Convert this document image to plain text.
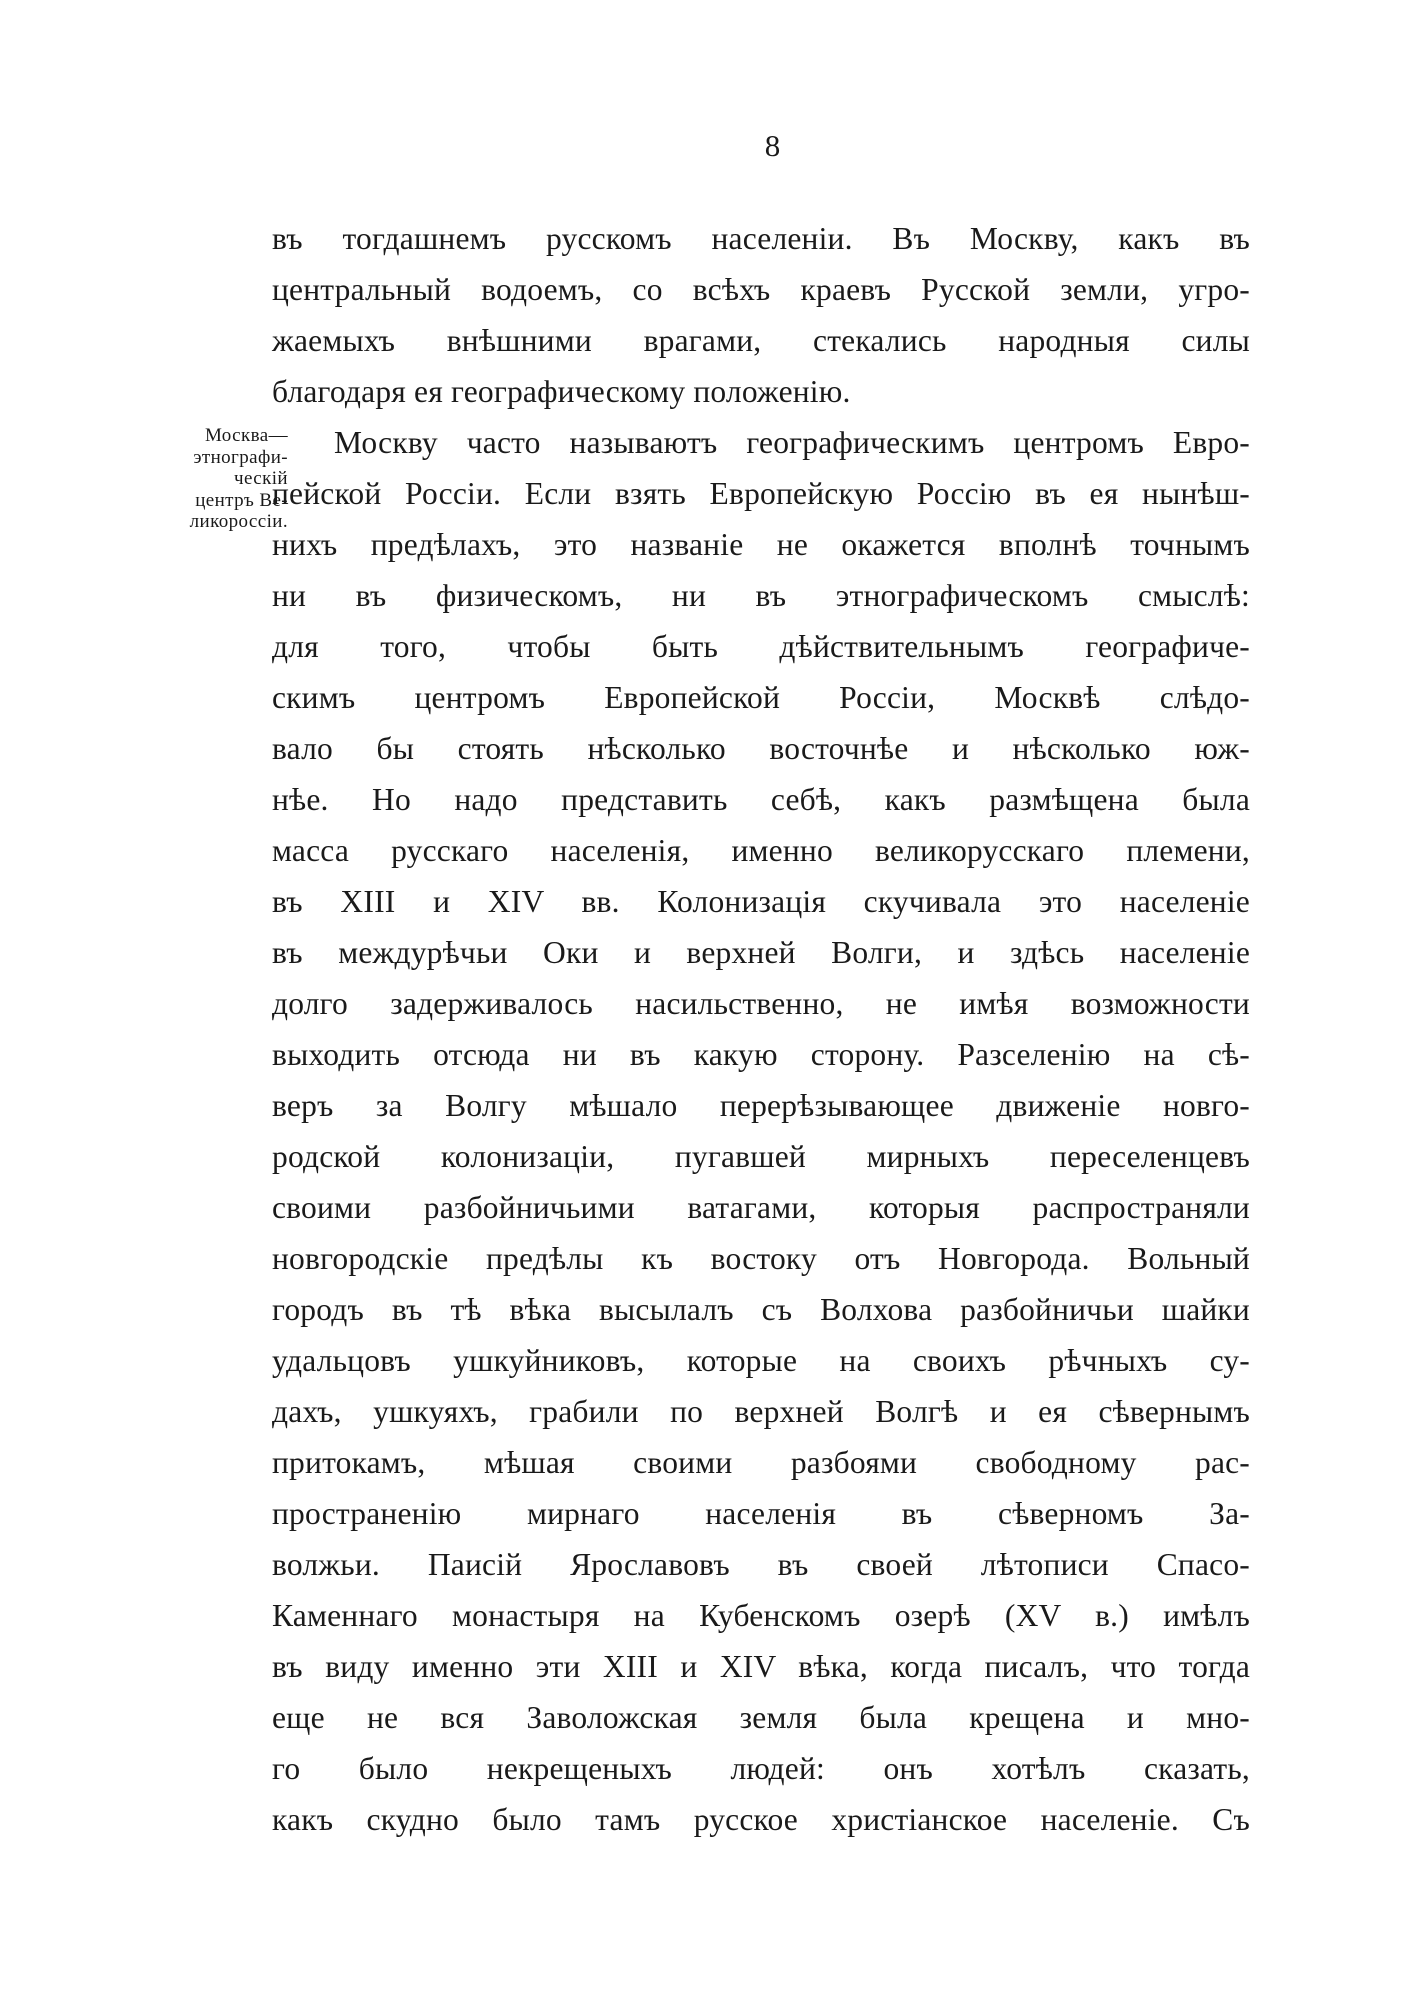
8
Москва—
этнографи-
ческій
центръ Ве-
ликороссіи.
въ тогдашнемъ русскомъ населеніи. Въ Москву, какъ въ
центральный водоемъ, со всѣхъ краевъ Русской земли, угро-
жаемыхъ внѣшними врагами, стекались народныя силы
благодаря ея географическому положенію.
Москву часто называютъ географическимъ центромъ Евро-
пейской Россіи. Если взять Европейскую Россію въ ея нынѣш-
нихъ предѣлахъ, это названіе не окажется вполнѣ точнымъ
ни въ физическомъ, ни въ этнографическомъ смыслѣ:
для того, чтобы быть дѣйствительнымъ географиче-
скимъ центромъ Европейской Россіи, Москвѣ слѣдо-
вало бы стоять нѣсколько восточнѣе и нѣсколько юж-
нѣе. Но надо представить себѣ, какъ размѣщена была
масса русскаго населенія, именно великорусскаго племени,
въ XIII и XIV вв. Колонизація скучивала это населеніе
въ междурѣчьи Оки и верхней Волги, и здѣсь населеніе
долго задерживалось насильственно, не имѣя возможности
выходить отсюда ни въ какую сторону. Разселенію на сѣ-
веръ за Волгу мѣшало перерѣзывающее движеніе новго-
родской колонизаціи, пугавшей мирныхъ переселенцевъ
своими разбойничьими ватагами, которыя распространяли
новгородскіе предѣлы къ востоку отъ Новгорода. Вольный
городъ въ тѣ вѣка высылалъ съ Волхова разбойничьи шайки
удальцовъ ушкуйниковъ, которые на своихъ рѣчныхъ су-
дахъ, ушкуяхъ, грабили по верхней Волгѣ и ея сѣвернымъ
притокамъ, мѣшая своими разбоями свободному рас-
пространенію мирнаго населенія въ сѣверномъ За-
волжьи. Паисій Ярославовъ въ своей лѣтописи Спасо-
Каменнаго монастыря на Кубенскомъ озерѣ (XV в.) имѣлъ
въ виду именно эти XIII и XIV вѣка, когда писалъ, что тогда
еще не вся Заволожская земля была крещена и мно-
го было некрещеныхъ людей: онъ хотѣлъ сказать,
какъ скудно было тамъ русское христіанское населеніе. Съ
